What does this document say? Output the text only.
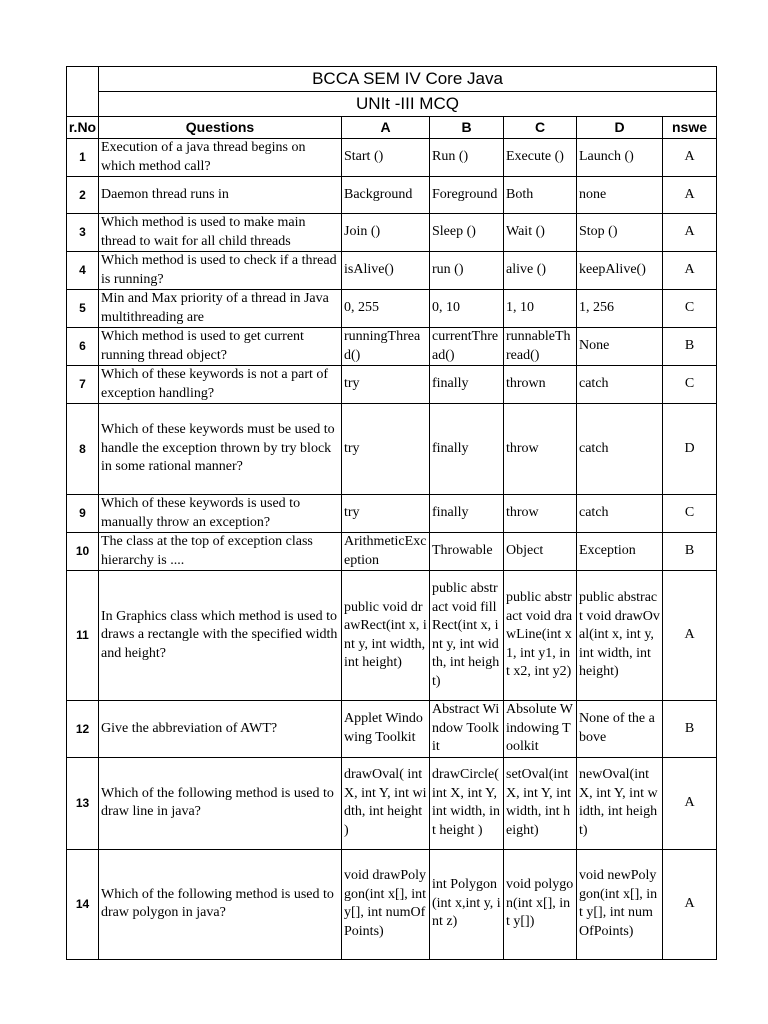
	BCCA SEM IV Core Java					
	UNIt -III MCQ					
r.No	Questions	A	B	C	D	nswe
1	Execution of a java thread begins on which method call?	Start ()	Run ()	Execute ()	Launch ()	A
2	Daemon thread runs in	Background	Foreground	Both	none	A
3	Which method is used to make main thread to wait for all child threads	Join ()	Sleep ()	Wait ()	Stop ()	A
4	Which method is used to check if a thread is running?	isAlive()	run ()	alive ()	keepAlive()	A
5	Min and Max priority of a thread in Java multithreading are	0, 255	0, 10	1, 10	1, 256	C
6	Which method is used to get current running thread object?	runningThread()	currentThread()	runnableThread()	None	B
7	Which of these keywords is not a part of exception handling?	try	finally	thrown	catch	C
8	Which of these keywords must be used to handle the exception thrown by try block in some rational manner?	try	finally	throw	catch	D
9	Which of these keywords is used to manually throw an exception?	try	finally	throw	catch	C
10	The class at the top of exception class hierarchy is ....	ArithmeticException	Throwable	Object	Exception	B
11	In Graphics class which method is used to draws a rectangle with the specified width and height?	public void drawRect(int x, int y, int width, int height)	public abstract void fillRect(int x, int y, int width, int height)	public abstract void drawLine(int x1, int y1, int x2, int y2)	public abstract void drawOval(int x, int y, int width, int height)	A
12	Give the abbreviation of AWT?	Applet Windowing Toolkit	Abstract Window Toolkit	Absolute Windowing Toolkit	None of the above	B
13	Which of the following method is used to draw line in java?	drawOval( int X, int Y, int width, int height )	drawCircle( int X, int Y, int width, int height )	setOval(int X, int Y, int width, int height)	newOval(int X, int Y, int width, int height)	A
14	Which of the following method is used to draw polygon in java?	void drawPolygon(int x[], int y[], int numOfPoints)	int Polygon(int x,int y, int z)	void polygon(int x[], int y[])	void newPolygon(int x[], int y[], int numOfPoints)	A
